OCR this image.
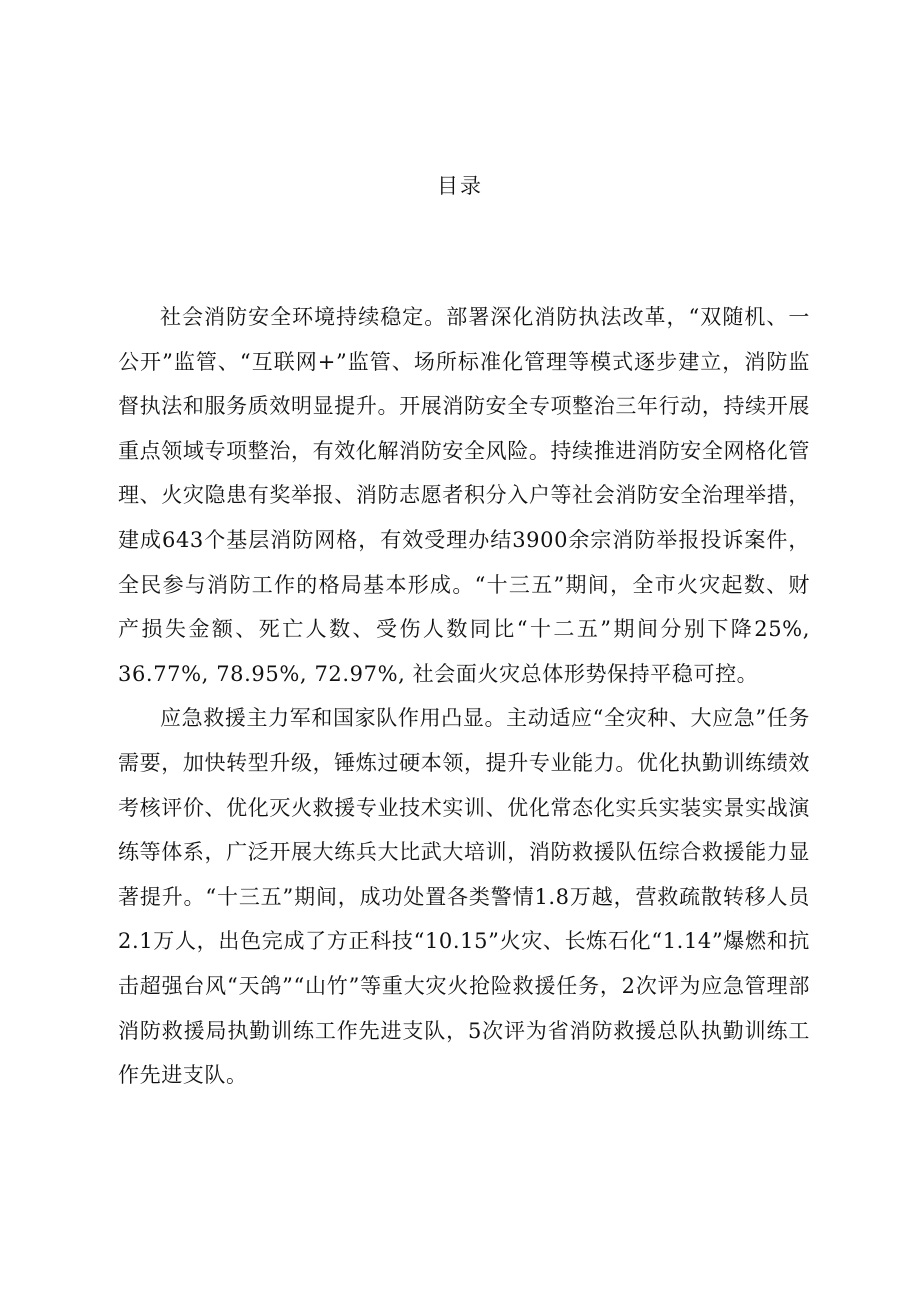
目录

社会消防安全环境持续稳定。部署深化消防执法改革，“双随机、一公开”监管、“互联网+”监管、场所标准化管理等模式逐步建立，消防监督执法和服务质效明显提升。开展消防安全专项整治三年行动，持续开展重点领域专项整治，有效化解消防安全风险。持续推进消防安全网格化管理、火灾隐患有奖举报、消防志愿者积分入户等社会消防安全治理举措，建成643个基层消防网格，有效受理办结3900余宗消防举报投诉案件，全民参与消防工作的格局基本形成。“十三五”期间，全市火灾起数、财产损失金额、死亡人数、受伤人数同比“十二五”期间分别下降25%, 36.77%, 78.95%, 72.97%, 社会面火灾总体形势保持平稳可控。

应急救援主力军和国家队作用凸显。主动适应“全灾种、大应急”任务需要，加快转型升级，锤炼过硬本领，提升专业能力。优化执勤训练绩效考核评价、优化灭火救援专业技术实训、优化常态化实兵实装实景实战演练等体系，广泛开展大练兵大比武大培训，消防救援队伍综合救援能力显著提升。“十三五”期间，成功处置各类警情1.8万越，营救疏散转移人员2.1万人，出色完成了方正科技“10.15”火灾、长炼石化“1.14”爆燃和抗击超强台风“天鸽”“山竹”等重大灾火抢险救援任务，2次评为应急管理部消防救援局执勤训练工作先进支队，5次评为省消防救援总队执勤训练工作先进支队。
